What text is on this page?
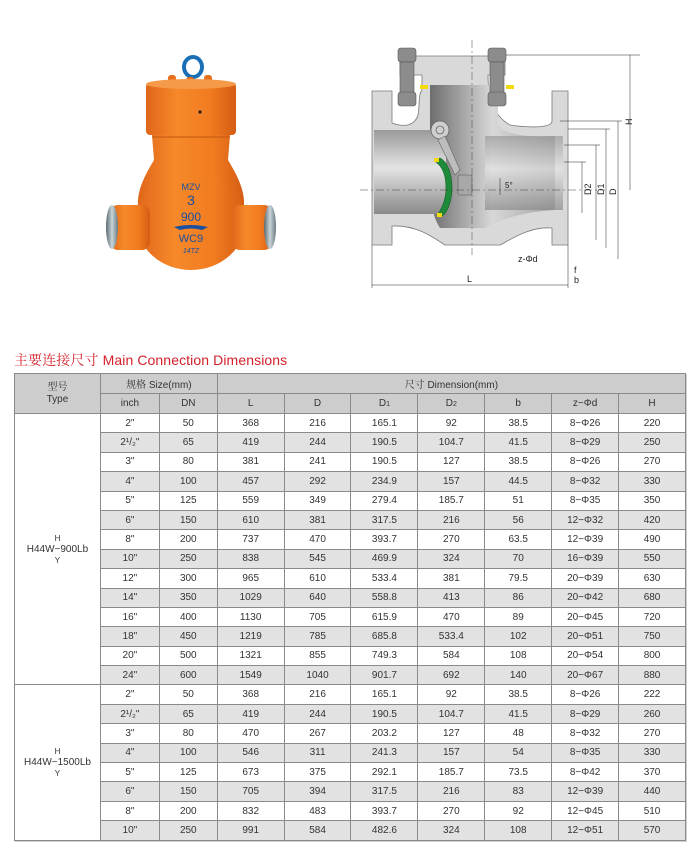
MZV
3
900
WC9
14TZ
5°
H
D2 D1 D
z-Φd
f
b
L
主要连接尺寸 Main Connection Dimensions
型号
Type	规格 Size(mm)		尺寸 Dimension(mm)						
	inch	DN	L	D	D1	D2	b	z−Φd	H

H
H44W−900Lb
Y	2"	50	368	216	165.1	92	38.5	8−Φ26	220
	2¹/₂"	65	419	244	190.5	104.7	41.5	8−Φ29	250
	3"	80	381	241	190.5	127	38.5	8−Φ26	270
	4"	100	457	292	234.9	157	44.5	8−Φ32	330
	5"	125	559	349	279.4	185.7	51	8−Φ35	350
	6"	150	610	381	317.5	216	56	12−Φ32	420
	8"	200	737	470	393.7	270	63.5	12−Φ39	490
	10"	250	838	545	469.9	324	70	16−Φ39	550
	12"	300	965	610	533.4	381	79.5	20−Φ39	630
	14"	350	1029	640	558.8	413	86	20−Φ42	680
	16"	400	1130	705	615.9	470	89	20−Φ45	720
	18"	450	1219	785	685.8	533.4	102	20−Φ51	750
	20"	500	1321	855	749.3	584	108	20−Φ54	800
	24"	600	1549	1040	901.7	692	140	20−Φ67	880

H
H44W−1500Lb
Y	2"	50	368	216	165.1	92	38.5	8−Φ26	222
	2¹/₂"	65	419	244	190.5	104.7	41.5	8−Φ29	260
	3"	80	470	267	203.2	127	48	8−Φ32	270
	4"	100	546	311	241.3	157	54	8−Φ35	330
	5"	125	673	375	292.1	185.7	73.5	8−Φ42	370
	6"	150	705	394	317.5	216	83	12−Φ39	440
	8"	200	832	483	393.7	270	92	12−Φ45	510
	10"	250	991	584	482.6	324	108	12−Φ51	570
